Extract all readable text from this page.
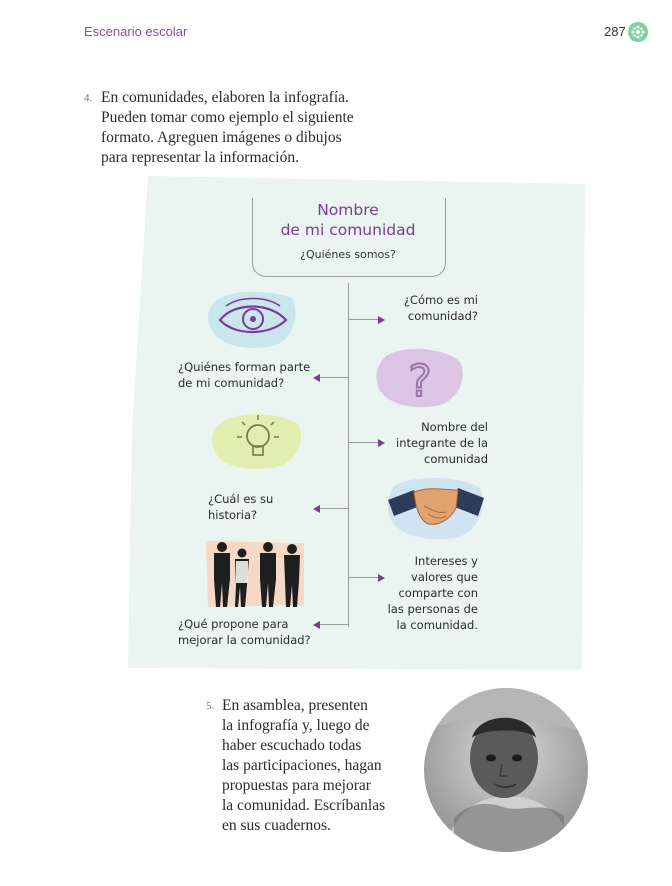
Escenario escolar	287
4. En comunidades, elaboren la infografía.
Pueden tomar como ejemplo el siguiente
formato. Agreguen imágenes o dibujos
para representar la información.
Nombre
de mi comunidad
¿Quiénes somos?
¿Cómo es mi
comunidad?
Nombre del
integrante de la
comunidad
Intereses y
valores que
comparte con
las personas de
la comunidad.
¿Quiénes forman parte
de mi comunidad?
¿Cuál es su
historia?
¿Qué propone para
mejorar la comunidad?
?
5. En asamblea, presenten
la infografía y, luego de
haber escuchado todas
las participaciones, hagan
propuestas para mejorar
la comunidad. Escríbanlas
en sus cuadernos.
